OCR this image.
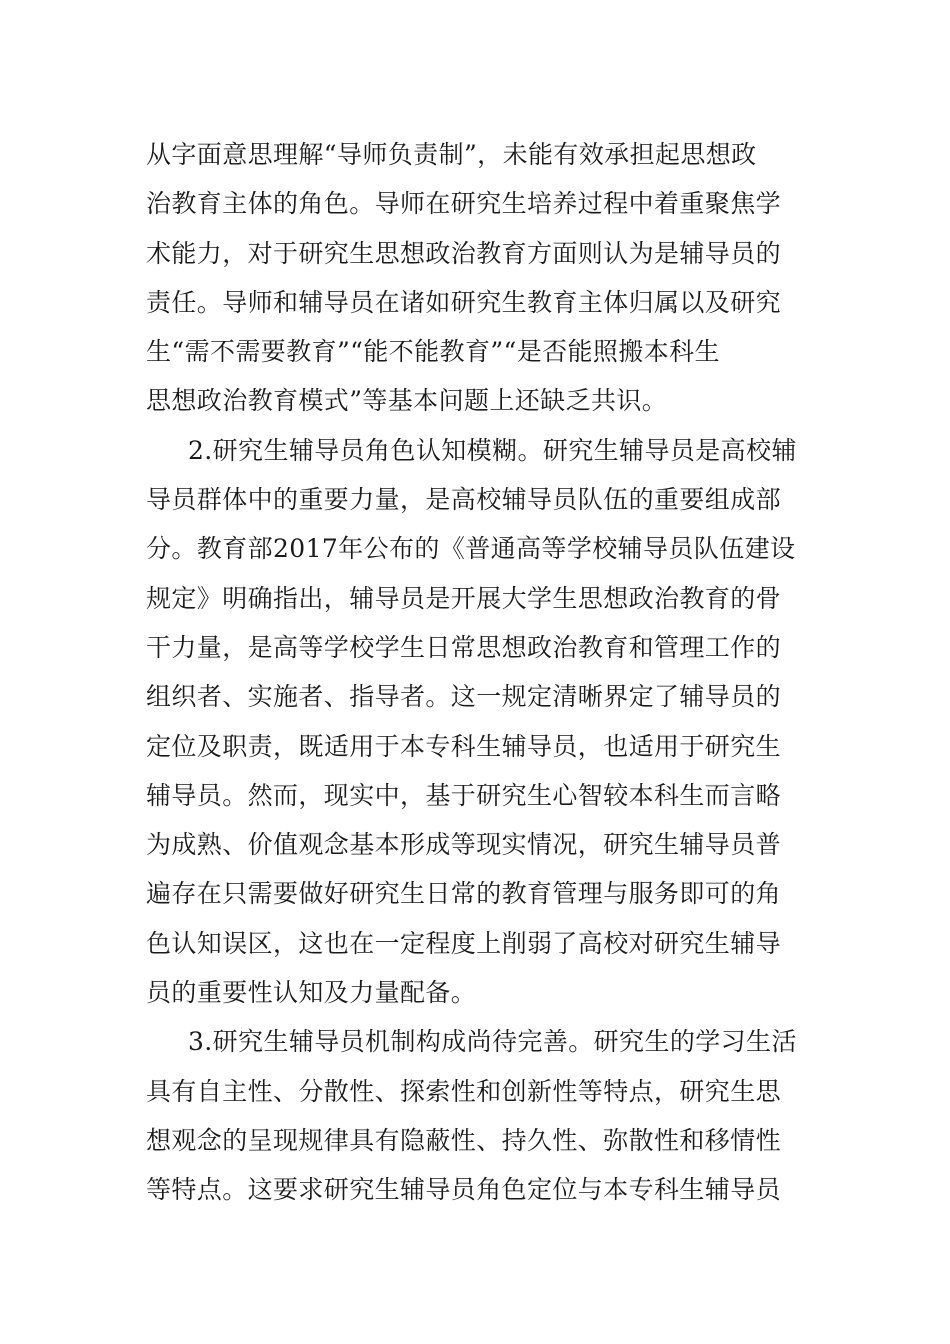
从字面意思理解“导师负责制”，未能有效承担起思想政
治教育主体的角色。导师在研究生培养过程中着重聚焦学
术能力，对于研究生思想政治教育方面则认为是辅导员的
责任。导师和辅导员在诸如研究生教育主体归属以及研究
生“需不需要教育”“能不能教育”“是否能照搬本科生
思想政治教育模式”等基本问题上还缺乏共识。
2.研究生辅导员角色认知模糊。研究生辅导员是高校辅
导员群体中的重要力量，是高校辅导员队伍的重要组成部
分。教育部2017年公布的《普通高等学校辅导员队伍建设
规定》明确指出，辅导员是开展大学生思想政治教育的骨
干力量，是高等学校学生日常思想政治教育和管理工作的
组织者、实施者、指导者。这一规定清晰界定了辅导员的
定位及职责，既适用于本专科生辅导员，也适用于研究生
辅导员。然而，现实中，基于研究生心智较本科生而言略
为成熟、价值观念基本形成等现实情况，研究生辅导员普
遍存在只需要做好研究生日常的教育管理与服务即可的角
色认知误区，这也在一定程度上削弱了高校对研究生辅导
员的重要性认知及力量配备。
3.研究生辅导员机制构成尚待完善。研究生的学习生活
具有自主性、分散性、探索性和创新性等特点，研究生思
想观念的呈现规律具有隐蔽性、持久性、弥散性和移情性
等特点。这要求研究生辅导员角色定位与本专科生辅导员
